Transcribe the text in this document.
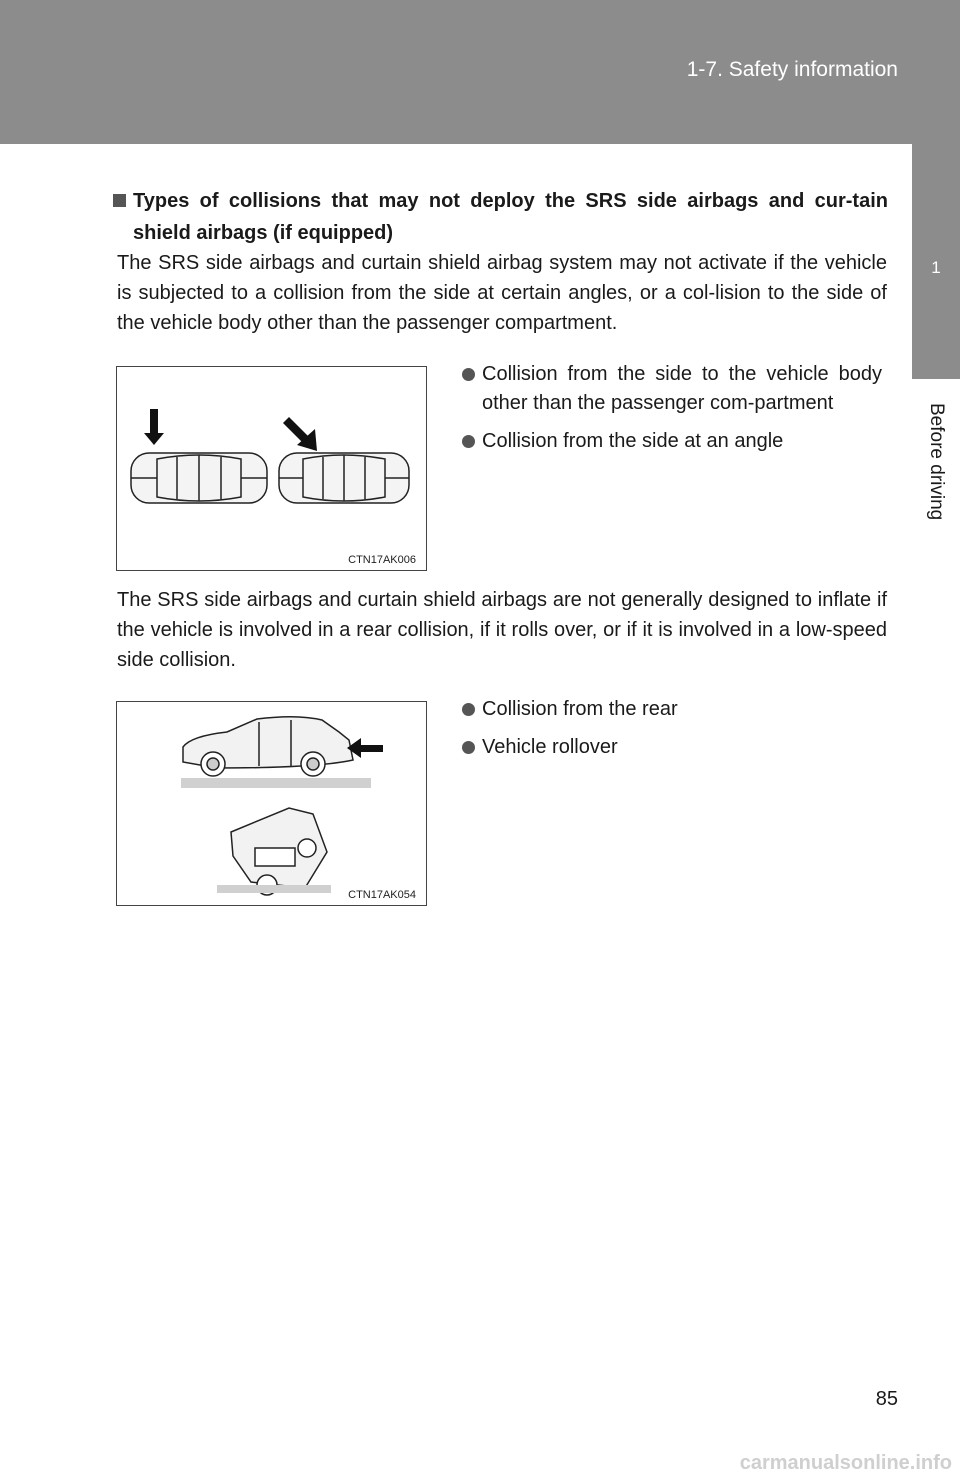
1-7. Safety information
1
Before driving
Types of collisions that may not deploy the SRS side airbags and cur-tain shield airbags (if equipped)
The SRS side airbags and curtain shield airbag system may not activate if the vehicle is subjected to a collision from the side at certain angles, or a col-lision to the side of the vehicle body other than the passenger compartment.
CTN17AK006
Collision from the side to the vehicle body other than the passenger com-partment
Collision from the side at an angle
The SRS side airbags and curtain shield airbags are not generally designed to inflate if the vehicle is involved in a rear collision, if it rolls over, or if it is involved in a low-speed side collision.
CTN17AK054
Collision from the rear
Vehicle rollover
85
carmanualsonline.info
